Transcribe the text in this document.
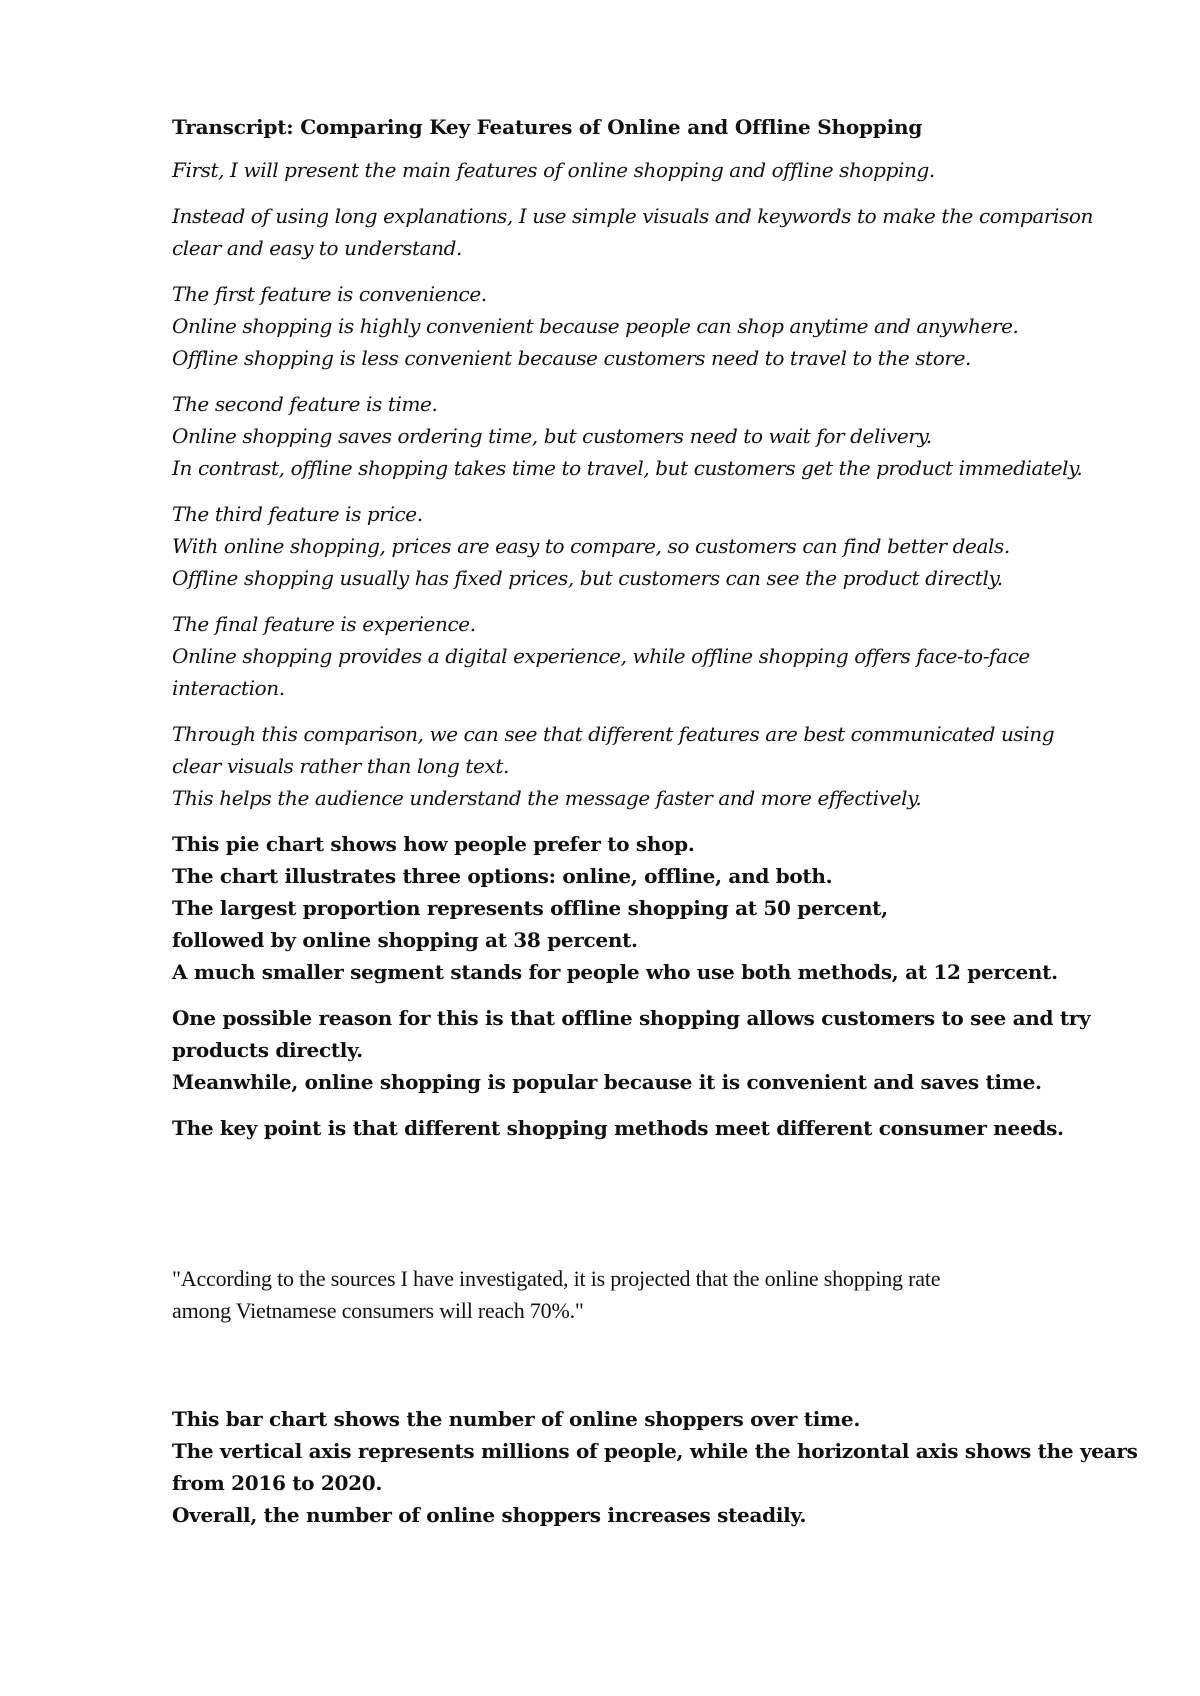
Transcript: Comparing Key Features of Online and Offline Shopping
First, I will present the main features of online shopping and offline shopping.
Instead of using long explanations, I use simple visuals and keywords to make the comparison
clear and easy to understand.
The first feature is convenience.
Online shopping is highly convenient because people can shop anytime and anywhere.
Offline shopping is less convenient because customers need to travel to the store.
The second feature is time.
Online shopping saves ordering time, but customers need to wait for delivery.
In contrast, offline shopping takes time to travel, but customers get the product immediately.
The third feature is price.
With online shopping, prices are easy to compare, so customers can find better deals.
Offline shopping usually has fixed prices, but customers can see the product directly.
The final feature is experience.
Online shopping provides a digital experience, while offline shopping offers face-to-face
interaction.
Through this comparison, we can see that different features are best communicated using
clear visuals rather than long text.
This helps the audience understand the message faster and more effectively.
This pie chart shows how people prefer to shop.
The chart illustrates three options: online, offline, and both.
The largest proportion represents offline shopping at 50 percent,
followed by online shopping at 38 percent.
A much smaller segment stands for people who use both methods, at 12 percent.
One possible reason for this is that offline shopping allows customers to see and try
products directly.
Meanwhile, online shopping is popular because it is convenient and saves time.
The key point is that different shopping methods meet different consumer needs.
"According to the sources I have investigated, it is projected that the online shopping rate
among Vietnamese consumers will reach 70%."
This bar chart shows the number of online shoppers over time.
The vertical axis represents millions of people, while the horizontal axis shows the years
from 2016 to 2020.
Overall, the number of online shoppers increases steadily.
